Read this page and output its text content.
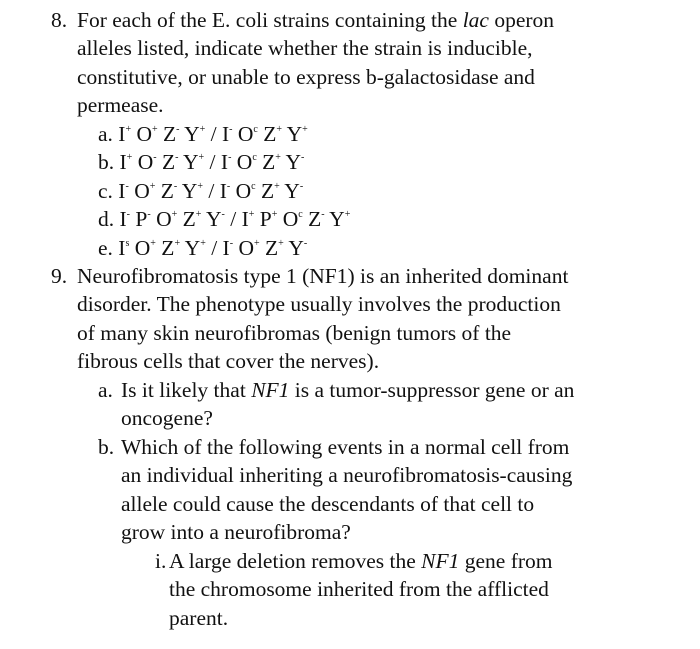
8. For each of the E. coli strains containing the lac operon
alleles listed, indicate whether the strain is inducible,
constitutive, or unable to express b-galactosidase and
permease.
a. I+ O+ Z- Y+ / I- $O^c$ Z+ Y+
b. I+ O- Z- Y+ / I- $O^c$ Z+ Y-
c. I- O+ Z- Y+ / I- $O^c$ Z+ Y-
d. I- P- O+ Z+ Y- / I+ P+ $O^c$ Z- Y+
e. $I^s$ O+ Z+ Y+ / I- O+ Z+ Y-
9. Neurofibromatosis type 1 (NF1) is an inherited dominant
disorder. The phenotype usually involves the production
of many skin neurofibromas (benign tumors of the
fibrous cells that cover the nerves).
a. Is it likely that NF1 is a tumor-suppressor gene or an
oncogene?
b. Which of the following events in a normal cell from
an individual inheriting a neurofibromatosis-causing
allele could cause the descendants of that cell to
grow into a neurofibroma?
i. A large deletion removes the NF1 gene from
the chromosome inherited from the afflicted
parent.
